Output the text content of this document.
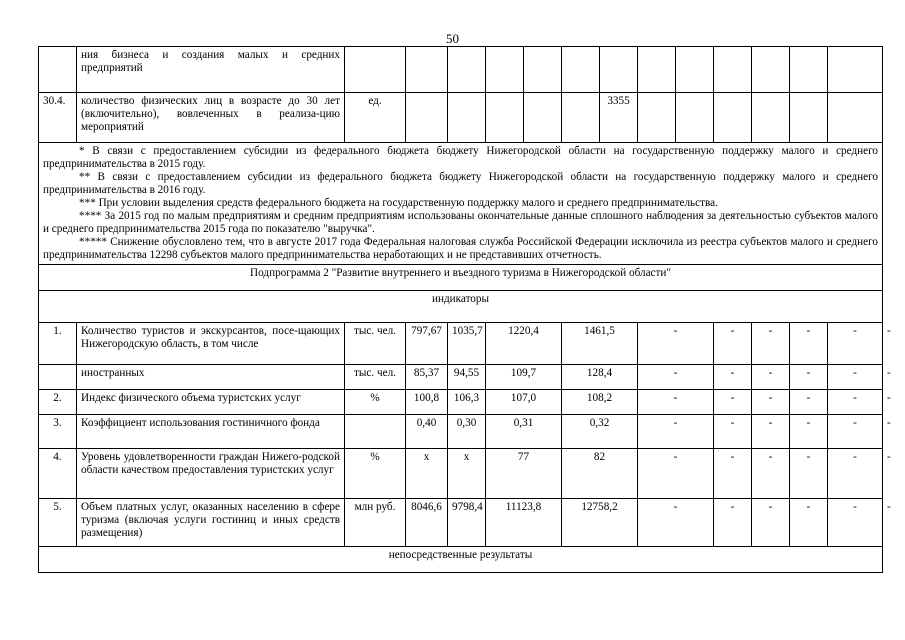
50
	ния бизнеса и создания малых и средних предприятий														
30.4.	количество физических лиц в возрасте до 30 лет (включительно), вовлеченных в реализа-цию мероприятий	ед.						3355							

* В связи с предоставлением субсидии из федерального бюджета бюджету Нижегородской области на государственную поддержку малого и среднего предпринимательства в 2015 году.

** В связи с предоставлением субсидии из федерального бюджета бюджету Нижегородской области на государственную поддержку малого и среднего предпринимательства в 2016 году.

*** При условии выделения средств федерального бюджета на государственную поддержку малого и среднего предпринимательства.

**** За 2015 год по малым предприятиям и средним предприятиям использованы окончательные данные сплошного наблюдения за деятельностью субъектов малого и среднего предпринимательства 2015 года по показателю "выручка".

***** Снижение обусловлено тем, что в августе 2017 года Федеральная налоговая служба Российской Федерации исключила из реестра субъектов малого и среднего предпринимательства 12298 субъектов малого предпринимательства неработающих и не представивших отчетность.															

Подпрограмма 2 "Развитие внутреннего и въездного туризма в Нижегородской области"															
индикаторы															
1.	Количество туристов и экскурсантов, посе-щающих Нижегородскую область, в том числе	тыс. чел.	797,67	1035,7	1220,4		1461,5		-		-	-	-	-	-
	иностранных	тыс. чел.	85,37	94,55	109,7		128,4		-		-	-	-	-	-
2.	Индекс физического объема туристских услуг	%	100,8	106,3	107,0		108,2		-		-	-	-	-	-
3.	Коэффициент использования гостиничного фонда		0,40	0,30	0,31		0,32		-		-	-	-	-	-
4.	Уровень удовлетворенности граждан Нижего-родской области качеством предоставления туристских услуг	%	х	х	77		82		-		-	-	-	-	-
5.	Объем платных услуг, оказанных населению в сфере туризма (включая услуги гостиниц и иных средств размещения)	млн руб.	8046,6	9798,4	11123,8		12758,2		-		-	-	-	-	-
непосредственные результаты															
